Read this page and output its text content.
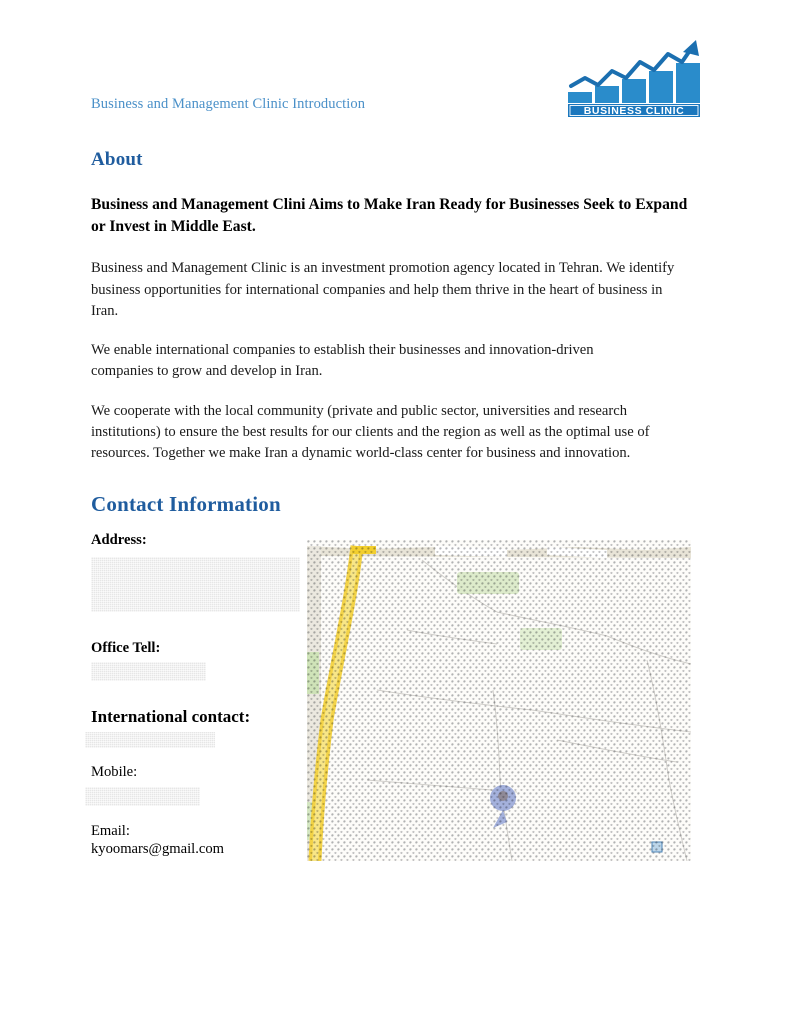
Business and Management Clinic Introduction	BUSINESS CLINIC
About

Business and Management Clini Aims to Make Iran Ready for Businesses Seek to Expand or Invest in Middle East.

Business and Management Clinic is an investment promotion agency located in Tehran. We identify business opportunities for international companies and help them thrive in the heart of business in Iran.

We enable international companies to establish their businesses and innovation-driven companies to grow and develop in Iran.

We cooperate with the local community (private and public sector, universities and research institutions) to ensure the best results for our clients and the region as well as the optimal use of resources. Together we make Iran a dynamic world-class center for business and innovation.

Contact Information
Address:
Office Tell:
International contact:
Mobile:
Email:
kyoomars@gmail.com
